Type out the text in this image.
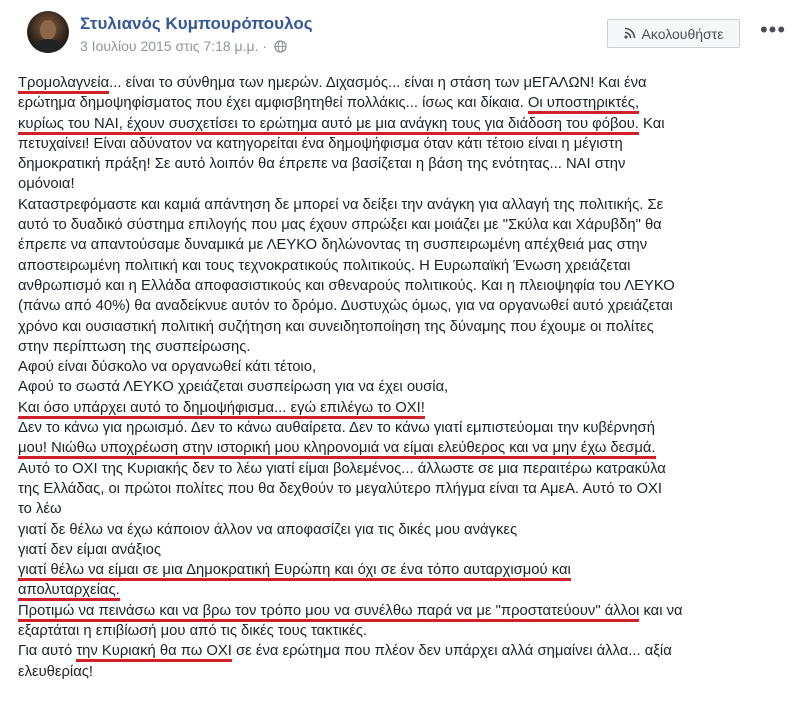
Στυλιανός Κυμπουρόπουλος
3 Ιουλίου 2015 στις 7:18 μ.μ. ·
Ακολουθήστε •••
Τρομολαγνεία... είναι το σύνθημα των ημερών. Διχασμός... είναι η στάση των μΕΓΑΛΩΝ! Και ένα
ερώτημα δημοψηφίσματος που έχει αμφισβητηθεί πολλάκις... ίσως και δίκαια. Οι υποστηρικτές,
κυρίως του ΝΑΙ, έχουν συσχετίσει το ερώτημα αυτό με μια ανάγκη τους για διάδοση του φόβου. Και
πετυχαίνει! Είναι αδύνατον να κατηγορείται ένα δημοψήφισμα όταν κάτι τέτοιο είναι η μέγιστη
δημοκρατική πράξη! Σε αυτό λοιπόν θα έπρεπε να βασίζεται η βάση της ενότητας... ΝΑΙ στην
ομόνοια!
Καταστρεφόμαστε και καμιά απάντηση δε μπορεί να δείξει την ανάγκη για αλλαγή της πολιτικής. Σε
αυτό το δυαδικό σύστημα επιλογής που μας έχουν σπρώξει και μοιάζει με "Σκύλα και Χάρυβδη" θα
έπρεπε να απαντούσαμε δυναμικά με ΛΕΥΚΟ δηλώνοντας τη συσπειρωμένη απέχθειά μας στην
αποστειρωμένη πολιτική και τους τεχνοκρατικούς πολιτικούς. Η Ευρωπαϊκή Ένωση χρειάζεται
ανθρωπισμό και η Ελλάδα αποφασιστικούς και σθεναρούς πολιτικούς. Και η πλειοψηφία του ΛΕΥΚΟ
(πάνω από 40%) θα αναδείκνυε αυτόν το δρόμο. Δυστυχώς όμως, για να οργανωθεί αυτό χρειάζεται
χρόνο και ουσιαστική πολιτική συζήτηση και συνειδητοποίηση της δύναμης που έχουμε οι πολίτες
στην περίπτωση της συσπείρωσης.
Αφού είναι δύσκολο να οργανωθεί κάτι τέτοιο,
Αφού το σωστά ΛΕΥΚΟ χρειάζεται συσπείρωση για να έχει ουσία,
Και όσο υπάρχει αυτό το δημοψήφισμα... εγώ επιλέγω το ΟΧΙ!
Δεν το κάνω για ηρωισμό. Δεν το κάνω αυθαίρετα. Δεν το κάνω γιατί εμπιστεύομαι την κυβέρνησή
μου! Νιώθω υποχρέωση στην ιστορική μου κληρονομιά να είμαι ελεύθερος και να μην έχω δεσμά.
Αυτό το ΟΧΙ της Κυριακής δεν το λέω γιατί είμαι βολεμένος... άλλωστε σε μια περαιτέρω κατρακύλα
της Ελλάδας, οι πρώτοι πολίτες που θα δεχθούν το μεγαλύτερο πλήγμα είναι τα ΑμεΑ. Αυτό το ΟΧΙ
το λέω
γιατί δε θέλω να έχω κάποιον άλλον να αποφασίζει για τις δικές μου ανάγκες
γιατί δεν είμαι ανάξιος
γιατί θέλω να είμαι σε μια Δημοκρατική Ευρώπη και όχι σε ένα τόπο αυταρχισμού και
απολυταρχείας.
Προτιμώ να πεινάσω και να βρω τον τρόπο μου να συνέλθω παρά να με "προστατεύουν" άλλοι και να
εξαρτάται η επιβίωσή μου από τις δικές τους τακτικές.
Για αυτό την Κυριακή θα πω ΟΧΙ σε ένα ερώτημα που πλέον δεν υπάρχει αλλά σημαίνει άλλα... αξία
ελευθερίας!
